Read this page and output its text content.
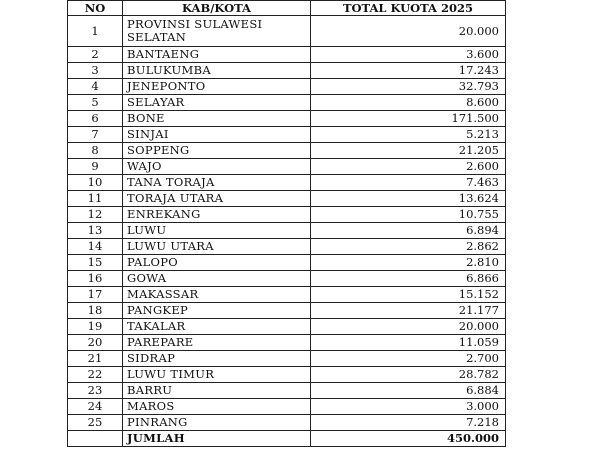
NO	KAB/KOTA	TOTAL KUOTA 2025
1	PROVINSI SULAWESI SELATAN	20.000
2	BANTAENG	3.600
3	BULUKUMBA	17.243
4	JENEPONTO	32.793
5	SELAYAR	8.600
6	BONE	171.500
7	SINJAI	5.213
8	SOPPENG	21.205
9	WAJO	2.600
10	TANA TORAJA	7.463
11	TORAJA UTARA	13.624
12	ENREKANG	10.755
13	LUWU	6.894
14	LUWU UTARA	2.862
15	PALOPO	2.810
16	GOWA	6.866
17	MAKASSAR	15.152
18	PANGKEP	21.177
19	TAKALAR	20.000
20	PAREPARE	11.059
21	SIDRAP	2.700
22	LUWU TIMUR	28.782
23	BARRU	6.884
24	MAROS	3.000
25	PINRANG	7.218
	JUMLAH	450.000
